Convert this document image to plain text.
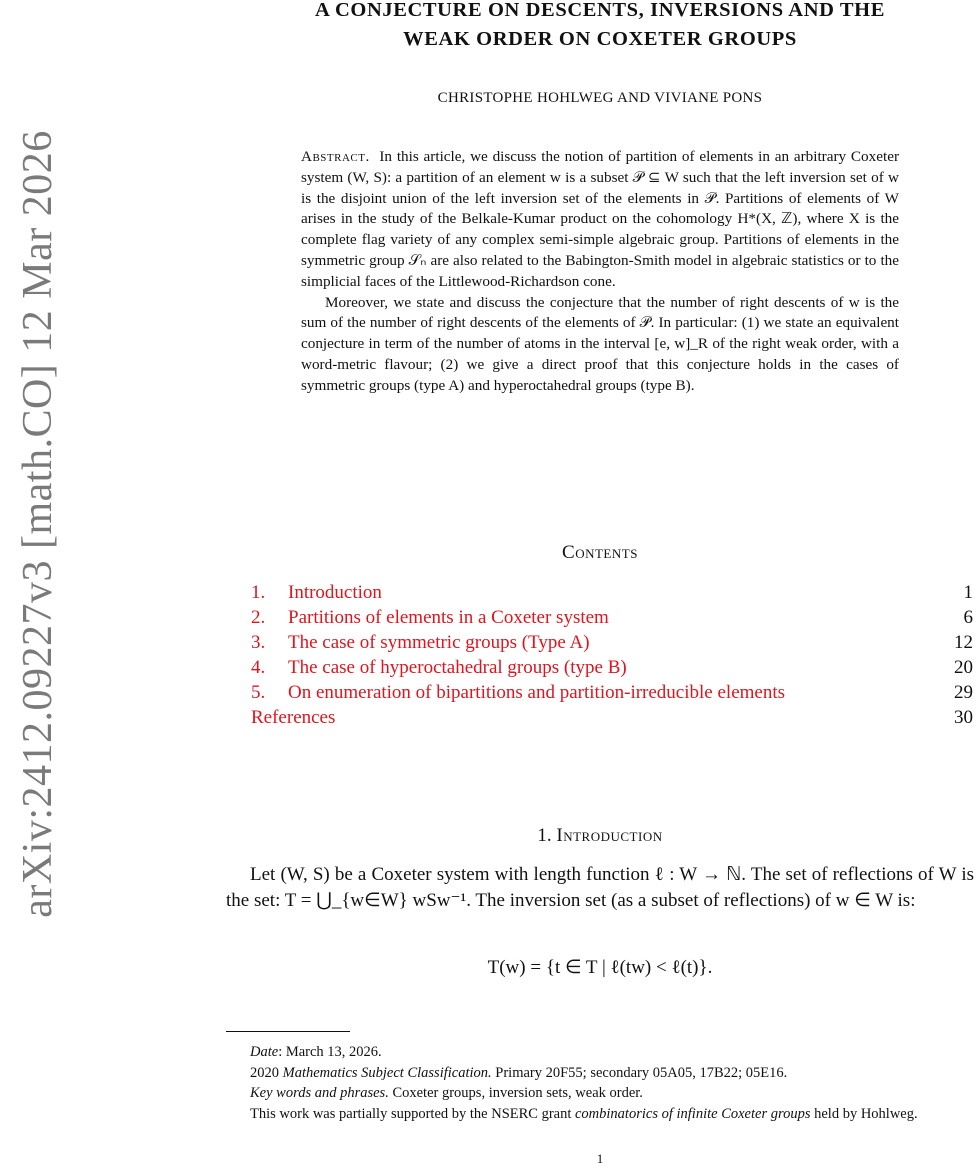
arXiv:2412.09227v3 [math.CO] 12 Mar 2026
A CONJECTURE ON DESCENTS, INVERSIONS AND THE
WEAK ORDER ON COXETER GROUPS
CHRISTOPHE HOHLWEG AND VIVIANE PONS

Abstract. In this article, we discuss the notion of partition of elements in an arbitrary Coxeter system (W, S): a partition of an element w is a subset 𝒫 ⊆ W such that the left inversion set of w is the disjoint union of the left inversion set of the elements in 𝒫. Partitions of elements of W arises in the study of the Belkale-Kumar product on the cohomology H*(X, ℤ), where X is the complete flag variety of any complex semi-simple algebraic group. Partitions of elements in the symmetric group 𝒮ₙ are also related to the Babington-Smith model in algebraic statistics or to the simplicial faces of the Littlewood-Richardson cone.

Moreover, we state and discuss the conjecture that the number of right descents of w is the sum of the number of right descents of the elements of 𝒫. In particular: (1) we state an equivalent conjecture in term of the number of atoms in the interval [e, w]_R of the right weak order, with a word-metric flavour; (2) we give a direct proof that this conjecture holds in the cases of symmetric groups (type A) and hyperoctahedral groups (type B).

Contents
1. Introduction	1
2. Partitions of elements in a Coxeter system	6
3. The case of symmetric groups (Type A)	12
4. The case of hyperoctahedral groups (type B)	20
5. On enumeration of bipartitions and partition-irreducible elements	29
References	30
1. Introduction

Let (W, S) be a Coxeter system with length function ℓ : W → ℕ. The set of reflections of W is the set: T = ⋃_{w∈W} wSw⁻¹. The inversion set (as a subset of reflections) of w ∈ W is:

T(w) = {t ∈ T | ℓ(tw) < ℓ(t)}.

Date: March 13, 2026.

2020 Mathematics Subject Classification. Primary 20F55; secondary 05A05, 17B22; 05E16.

Key words and phrases. Coxeter groups, inversion sets, weak order.

This work was partially supported by the NSERC grant combinatorics of infinite Coxeter groups held by Hohlweg.

1
